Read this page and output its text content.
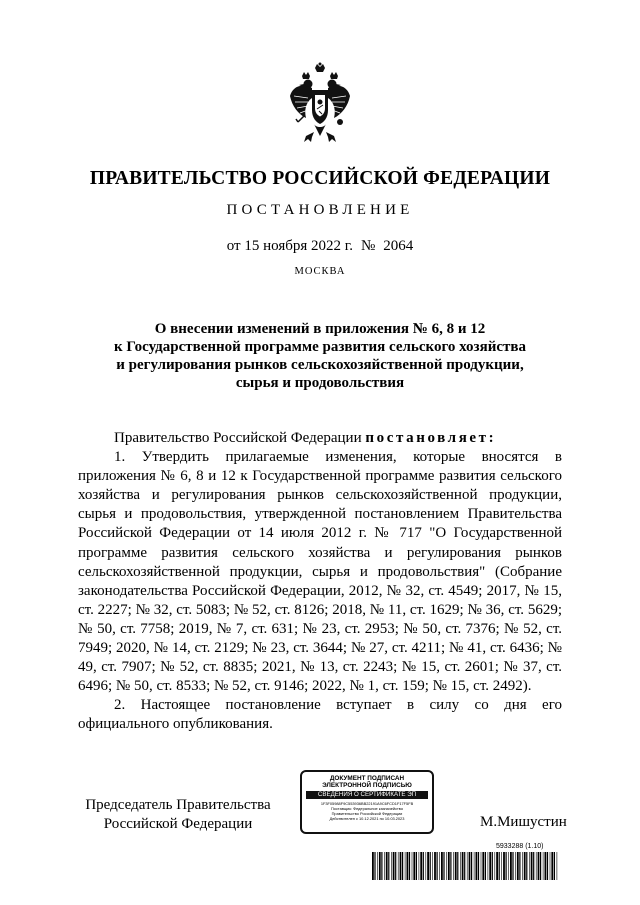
ПРАВИТЕЛЬСТВО РОССИЙСКОЙ ФЕДЕРАЦИИ
ПОСТАНОВЛЕНИЕ
от 15 ноября 2022 г. № 2064
МОСКВА
О внесении изменений в приложения № 6, 8 и 12
к Государственной программе развития сельского хозяйства
и регулирования рынков сельскохозяйственной продукции,
сырья и продовольствия

Правительство Российской Федерации постановляет:

1. Утвердить прилагаемые изменения, которые вносятся в приложения № 6, 8 и 12 к Государственной программе развития сельского хозяйства и регулирования рынков сельскохозяйственной продукции, сырья и продовольствия, утвержденной постановлением Правительства Российской Федерации от 14 июля 2012 г. № 717 "О Государственной программе развития сельского хозяйства и регулирования рынков сельскохозяйственной продукции, сырья и продовольствия" (Собрание законодательства Российской Федерации, 2012, № 32, ст. 4549; 2017, № 15, ст. 2227; № 32, ст. 5083; № 52, ст. 8126; 2018, № 11, ст. 1629; № 36, ст. 5629; № 50, ст. 7758; 2019, № 7, ст. 631; № 23, ст. 2953; № 50, ст. 7376; № 52, ст. 7949; 2020, № 14, ст. 2129; № 23, ст. 3644; № 27, ст. 4211; № 41, ст. 6436; № 49, ст. 7907; № 52, ст. 8835; 2021, № 13, ст. 2243; № 15, ст. 2601; № 37, ст. 6496; № 50, ст. 8533; № 52, ст. 9146; 2022, № 1, ст. 159; № 15, ст. 2492).

2. Настоящее постановление вступает в силу со дня его официального опубликования.

Председатель Правительства
Российской Федерации
ДОКУМЕНТ ПОДПИСАН
ЭЛЕКТРОННОЙ ПОДПИСЬЮ
СВЕДЕНИЯ О СЕРТИФИКАТЕ ЭП
1F3F05988F9C553936BB22191A9C6FCD1F17F5FB
Поставщик: Федеральное казначейство
Правительство Российской Федерации
Действителен с 10.12.2021 по 10.03.2023	М.Мишустин
5933288 (1.10)
